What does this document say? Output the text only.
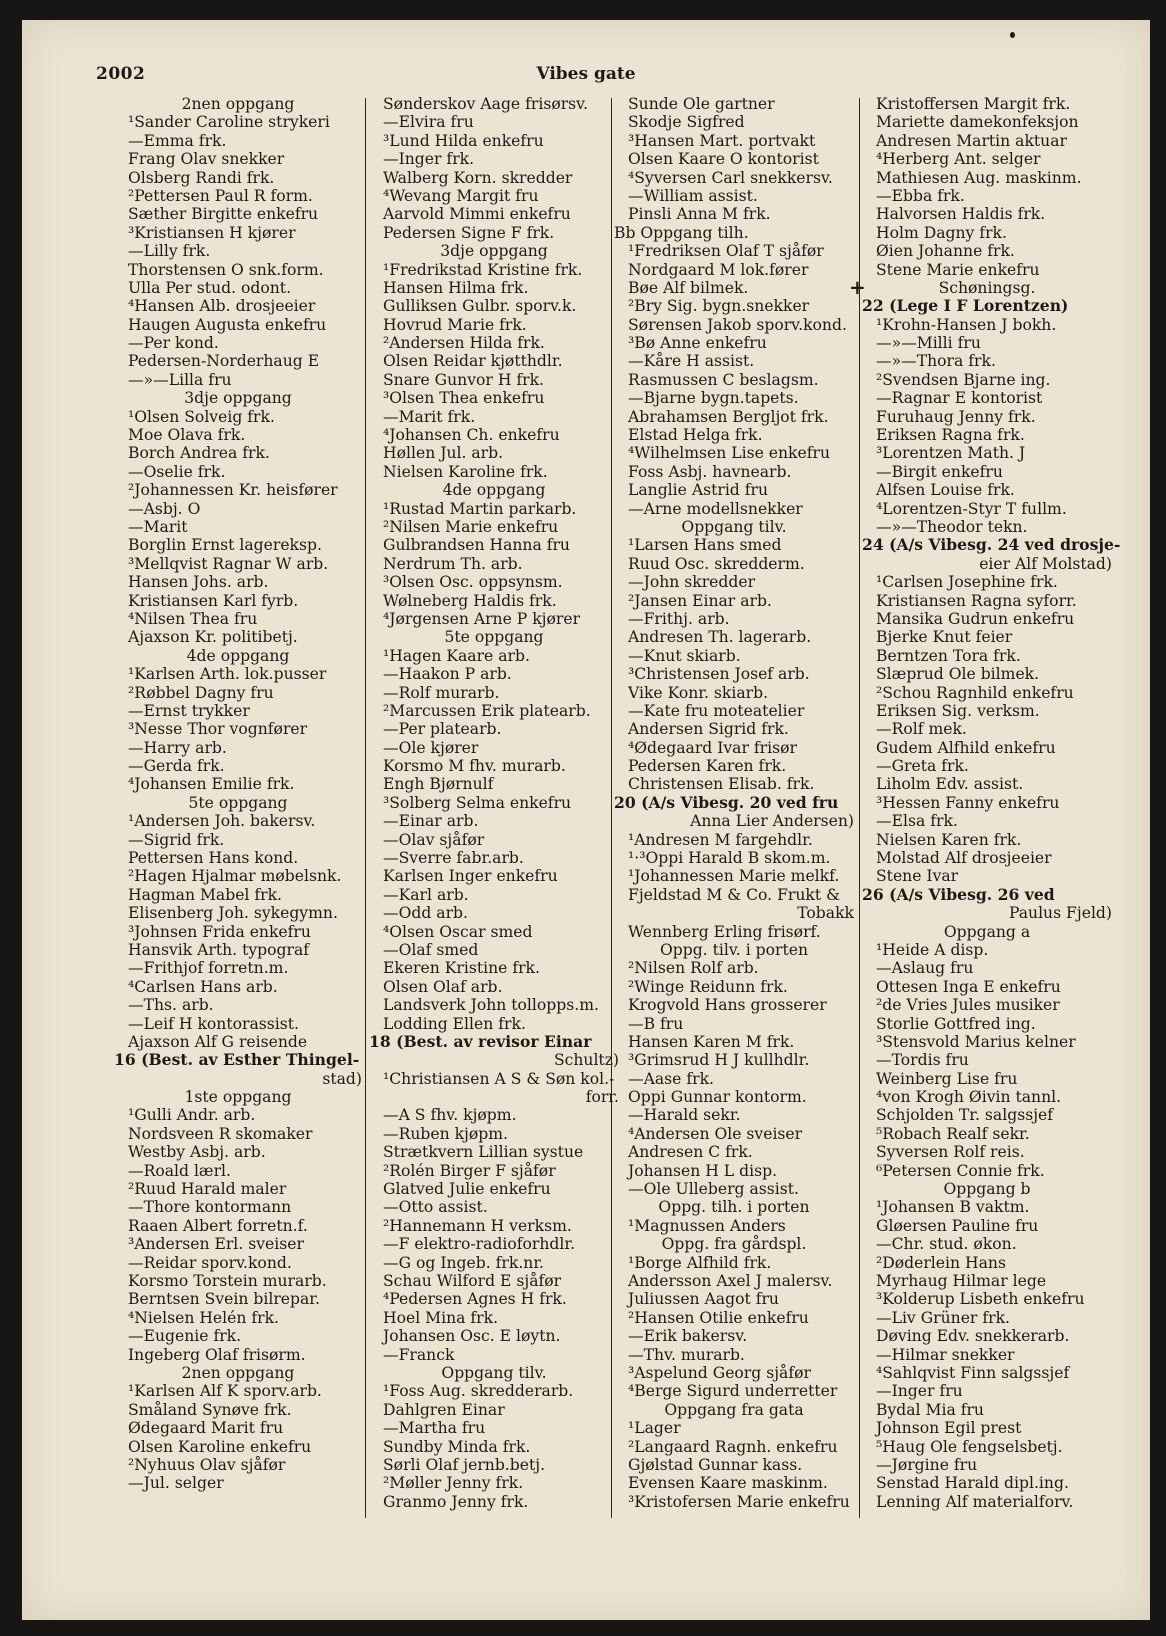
2002	Vibes gate
2nen oppgang
¹Sander Caroline strykeri
—Emma frk.
Frang Olav snekker
Olsberg Randi frk.
²Pettersen Paul R form.
Sæther Birgitte enkefru
³Kristiansen H kjører
—Lilly frk.
Thorstensen O snk.form.
Ulla Per stud. odont.
⁴Hansen Alb. drosjeeier
Haugen Augusta enkefru
—Per kond.
Pedersen-Norderhaug E
—»—Lilla fru
3dje oppgang
¹Olsen Solveig frk.
Moe Olava frk.
Borch Andrea frk.
—Oselie frk.
²Johannessen Kr. heisfører
—Asbj. O
—Marit
Borglin Ernst lagereksp.
³Mellqvist Ragnar W arb.
Hansen Johs. arb.
Kristiansen Karl fyrb.
⁴Nilsen Thea fru
Ajaxson Kr. politibetj.
4de oppgang
¹Karlsen Arth. lok.pusser
²Røbbel Dagny fru
—Ernst trykker
³Nesse Thor vognfører
—Harry arb.
—Gerda frk.
⁴Johansen Emilie frk.
5te oppgang
¹Andersen Joh. bakersv.
—Sigrid frk.
Pettersen Hans kond.
²Hagen Hjalmar møbelsnk.
Hagman Mabel frk.
Elisenberg Joh. sykegymn.
³Johnsen Frida enkefru
Hansvik Arth. typograf
—Frithjof forretn.m.
⁴Carlsen Hans arb.
—Ths. arb.
—Leif H kontorassist.
Ajaxson Alf G reisende
16 (Best. av Esther Thingel-
stad)
1ste oppgang
¹Gulli Andr. arb.
Nordsveen R skomaker
Westby Asbj. arb.
—Roald lærl.
²Ruud Harald maler
—Thore kontormann
Raaen Albert forretn.f.
³Andersen Erl. sveiser
—Reidar sporv.kond.
Korsmo Torstein murarb.
Berntsen Svein bilrepar.
⁴Nielsen Helén frk.
—Eugenie frk.
Ingeberg Olaf frisørm.
2nen oppgang
¹Karlsen Alf K sporv.arb.
Småland Synøve frk.
Ødegaard Marit fru
Olsen Karoline enkefru
²Nyhuus Olav sjåfør
—Jul. selger
Sønderskov Aage frisørsv.
—Elvira fru
³Lund Hilda enkefru
—Inger frk.
Walberg Korn. skredder
⁴Wevang Margit fru
Aarvold Mimmi enkefru
Pedersen Signe F frk.
3dje oppgang
¹Fredrikstad Kristine frk.
Hansen Hilma frk.
Gulliksen Gulbr. sporv.k.
Hovrud Marie frk.
²Andersen Hilda frk.
Olsen Reidar kjøtthdlr.
Snare Gunvor H frk.
³Olsen Thea enkefru
—Marit frk.
⁴Johansen Ch. enkefru
Høllen Jul. arb.
Nielsen Karoline frk.
4de oppgang
¹Rustad Martin parkarb.
²Nilsen Marie enkefru
Gulbrandsen Hanna fru
Nerdrum Th. arb.
³Olsen Osc. oppsynsm.
Wølneberg Haldis frk.
⁴Jørgensen Arne P kjører
5te oppgang
¹Hagen Kaare arb.
—Haakon P arb.
—Rolf murarb.
²Marcussen Erik platearb.
—Per platearb.
—Ole kjører
Korsmo M fhv. murarb.
Engh Bjørnulf
³Solberg Selma enkefru
—Einar arb.
—Olav sjåfør
—Sverre fabr.arb.
Karlsen Inger enkefru
—Karl arb.
—Odd arb.
⁴Olsen Oscar smed
—Olaf smed
Ekeren Kristine frk.
Olsen Olaf arb.
Landsverk John tollopps.m.
Lodding Ellen frk.
18 (Best. av revisor Einar
Schultz)
¹Christiansen A S & Søn kol.-
forr.
—A S fhv. kjøpm.
—Ruben kjøpm.
Strætkvern Lillian systue
²Rolén Birger F sjåfør
Glatved Julie enkefru
—Otto assist.
²Hannemann H verksm.
—F elektro-radioforhdlr.
—G og Ingeb. frk.nr.
Schau Wilford E sjåfør
⁴Pedersen Agnes H frk.
Hoel Mina frk.
Johansen Osc. E løytn.
—Franck
Oppgang tilv.
¹Foss Aug. skredderarb.
Dahlgren Einar
—Martha fru
Sundby Minda frk.
Sørli Olaf jernb.betj.
²Møller Jenny frk.
Granmo Jenny frk.
Sunde Ole gartner
Skodje Sigfred
³Hansen Mart. portvakt
Olsen Kaare O kontorist
⁴Syversen Carl snekkersv.
—William assist.
Pinsli Anna M frk.
Bb Oppgang tilh.
¹Fredriksen Olaf T sjåfør
Nordgaard M lok.fører
Bøe Alf bilmek.
²Bry Sig. bygn.snekker
Sørensen Jakob sporv.kond.
³Bø Anne enkefru
—Kåre H assist.
Rasmussen C beslagsm.
—Bjarne bygn.tapets.
Abrahamsen Bergljot frk.
Elstad Helga frk.
⁴Wilhelmsen Lise enkefru
Foss Asbj. havnearb.
Langlie Astrid fru
—Arne modellsnekker
Oppgang tilv.
¹Larsen Hans smed
Ruud Osc. skredderm.
—John skredder
²Jansen Einar arb.
—Frithj. arb.
Andresen Th. lagerarb.
—Knut skiarb.
³Christensen Josef arb.
Vike Konr. skiarb.
—Kate fru moteatelier
Andersen Sigrid frk.
⁴Ødegaard Ivar frisør
Pedersen Karen frk.
Christensen Elisab. frk.
20 (A/s Vibesg. 20 ved fru
Anna Lier Andersen)
¹Andresen M fargehdlr.
¹·³Oppi Harald B skom.m.
¹Johannessen Marie melkf.
Fjeldstad M & Co. Frukt &
Tobakk
Wennberg Erling frisørf.
Oppg. tilv. i porten
²Nilsen Rolf arb.
²Winge Reidunn frk.
Krogvold Hans grosserer
—B fru
Hansen Karen M frk.
³Grimsrud H J kullhdlr.
—Aase frk.
Oppi Gunnar kontorm.
—Harald sekr.
⁴Andersen Ole sveiser
Andresen C frk.
Johansen H L disp.
—Ole Ulleberg assist.
Oppg. tilh. i porten
¹Magnussen Anders
Oppg. fra gårdspl.
¹Borge Alfhild frk.
Andersson Axel J malersv.
Juliussen Aagot fru
²Hansen Otilie enkefru
—Erik bakersv.
—Thv. murarb.
³Aspelund Georg sjåfør
⁴Berge Sigurd underretter
Oppgang fra gata
¹Lager
²Langaard Ragnh. enkefru
Gjølstad Gunnar kass.
Evensen Kaare maskinm.
³Kristofersen Marie enkefru
Kristoffersen Margit frk.
Mariette damekonfeksjon
Andresen Martin aktuar
⁴Herberg Ant. selger
Mathiesen Aug. maskinm.
—Ebba frk.
Halvorsen Haldis frk.
Holm Dagny frk.
Øien Johanne frk.
Stene Marie enkefru
+	Schøningsg.
22 (Lege I F Lorentzen)
¹Krohn-Hansen J bokh.
—»—Milli fru
—»—Thora frk.
²Svendsen Bjarne ing.
—Ragnar E kontorist
Furuhaug Jenny frk.
Eriksen Ragna frk.
³Lorentzen Math. J
—Birgit enkefru
Alfsen Louise frk.
⁴Lorentzen-Styr T fullm.
—»—Theodor tekn.
24 (A/s Vibesg. 24 ved drosje-
eier Alf Molstad)
¹Carlsen Josephine frk.
Kristiansen Ragna syforr.
Mansika Gudrun enkefru
Bjerke Knut feier
Berntzen Tora frk.
Slæprud Ole bilmek.
²Schou Ragnhild enkefru
Eriksen Sig. verksm.
—Rolf mek.
Gudem Alfhild enkefru
—Greta frk.
Liholm Edv. assist.
³Hessen Fanny enkefru
—Elsa frk.
Nielsen Karen frk.
Molstad Alf drosjeeier
Stene Ivar
26 (A/s Vibesg. 26 ved
Paulus Fjeld)
Oppgang a
¹Heide A disp.
—Aslaug fru
Ottesen Inga E enkefru
²de Vries Jules musiker
Storlie Gottfred ing.
³Stensvold Marius kelner
—Tordis fru
Weinberg Lise fru
⁴von Krogh Øivin tannl.
Schjolden Tr. salgssjef
⁵Robach Realf sekr.
Syversen Rolf reis.
⁶Petersen Connie frk.
Oppgang b
¹Johansen B vaktm.
Gløersen Pauline fru
—Chr. stud. økon.
²Døderlein Hans
Myrhaug Hilmar lege
³Kolderup Lisbeth enkefru
—Liv Grüner frk.
Døving Edv. snekkerarb.
—Hilmar snekker
⁴Sahlqvist Finn salgssjef
—Inger fru
Bydal Mia fru
Johnson Egil prest
⁵Haug Ole fengselsbetj.
—Jørgine fru
Senstad Harald dipl.ing.
Lenning Alf materialforv.
